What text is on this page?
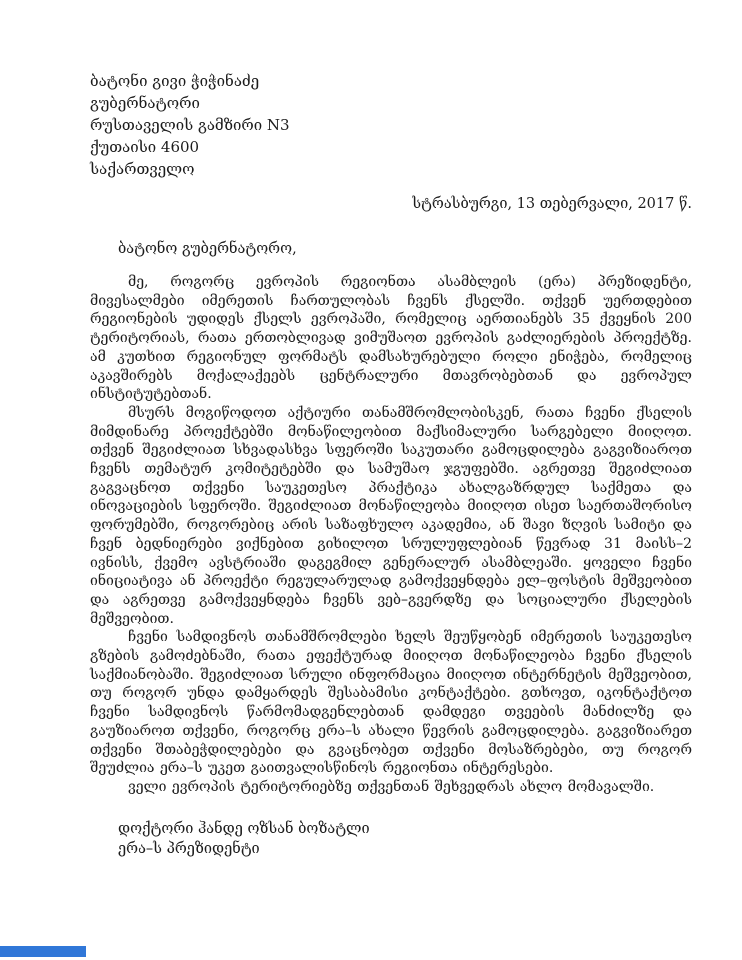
ბატონი გივი ჭიჭინაძე
გუბერნატორი
რუსთაველის გამზირი N3
ქუთაისი 4600
საქართველო
სტრასბურგი, 13 თებერვალი, 2017 წ.
ბატონო გუბერნატორო,

მე, როგორც ევროპის რეგიონთა ასამბლეის (ერა) პრეზიდენტი, მივესალმები იმერეთის ჩართულობას ჩვენს ქსელში. თქვენ უერთდებით რეგიონების უდიდეს ქსელს ევროპაში, რომელიც აერთიანებს 35 ქვეყნის 200 ტერიტორიას, რათა ერთობლივად ვიმუშაოთ ევროპის გაძლიერების პროექტზე. ამ კუთხით რეგიონულ ფორმატს დამსახურებული როლი ენიჭება, რომელიც აკავშირებს მოქალაქეებს ცენტრალური მთავრობებთან და ევროპულ ინსტიტუტებთან.

მსურს მოგიწოდოთ აქტიური თანამშრომლობისკენ, რათა ჩვენი ქსელის მიმდინარე პროექტებში მონაწილეობით მაქსიმალური სარგებელი მიიღოთ. თქვენ შეგიძლიათ სხვადასხვა სფეროში საკუთარი გამოცდილება გაგვიზიაროთ ჩვენს თემატურ კომიტეტებში და სამუშაო ჯგუფებში. აგრეთვე შეგიძლიათ გაგვაცნოთ თქვენი საუკეთესო პრაქტიკა ახალგაზრდულ საქმეთა და ინოვაციების სფეროში. შეგიძლიათ მონაწილეობა მიიღოთ ისეთ საერთაშორისო ფორუმებში, როგორებიც არის საზაფხულო აკადემია, ან შავი ზღვის სამიტი და ჩვენ ბედნიერები ვიქნებით გიხილოთ სრულუფლებიან წევრად 31 მაისს–2 ივნისს, ქვემო ავსტრიაში დაგეგმილ გენერალურ ასამბლეაში. ყოველი ჩვენი ინიციატივა ან პროექტი რეგულარულად გამოქვეყნდება ელ–ფოსტის მეშვეობით და აგრეთვე გამოქვეყნდება ჩვენს ვებ–გვერდზე და სოციალური ქსელების მეშვეობით.

ჩვენი სამდივნოს თანამშრომლები ხელს შეუწყობენ იმერეთის საუკეთესო გზების გამოძებნაში, რათა ეფექტურად მიიღოთ მონაწილეობა ჩვენი ქსელის საქმიანობაში. შეგიძლიათ სრული ინფორმაცია მიიღოთ ინტერნეტის მეშვეობით, თუ როგორ უნდა დამყარდეს შესაბამისი კონტაქტები. გთხოვთ, იკონტაქტოთ ჩვენი სამდივნოს წარმომადგენლებთან დამდეგი თვეების მანძილზე და გაუზიაროთ თქვენი, როგორც ერა–ს ახალი წევრის გამოცდილება. გაგვიზიარეთ თქვენი შთაბეჭდილებები და გვაცნობეთ თქვენი მოსაზრებები, თუ როგორ შეუძლია ერა–ს უკეთ გაითვალისწინოს რეგიონთა ინტერესები.

ველი ევროპის ტერიტორიებზე თქვენთან შეხვედრას ახლო მომავალში.

დოქტორი ჰანდე ოზსან ბოზატლი
ერა–ს პრეზიდენტი
